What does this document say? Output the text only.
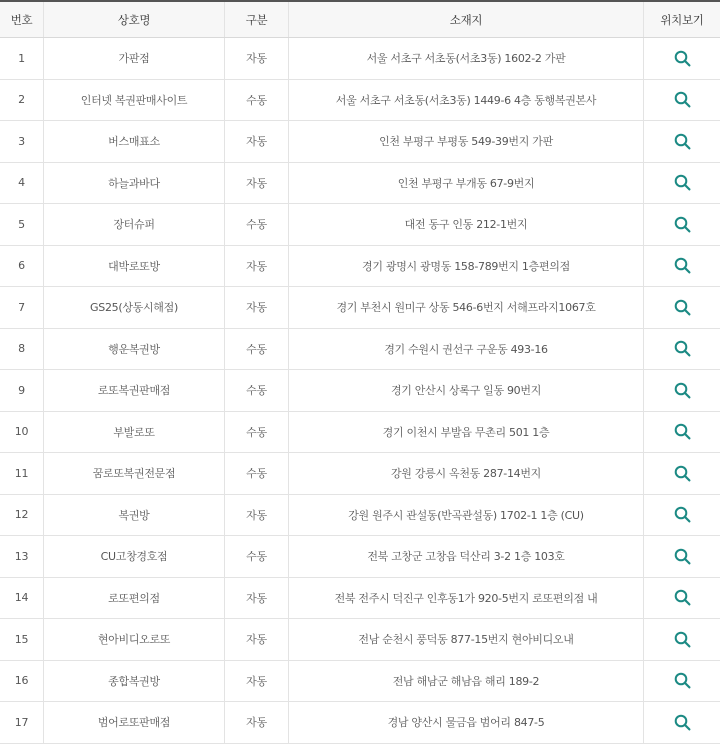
번호	상호명	구분	소재지	위치보기
1	가판점	자동	서울 서초구 서초동(서초3동) 1602-2 가판
2	인터넷 복권판매사이트	수동	서울 서초구 서초동(서초3동) 1449-6 4층 동행복권본사
3	버스매표소	자동	인천 부평구 부평동 549-39번지 가판
4	하늘과바다	자동	인천 부평구 부개동 67-9번지
5	장터슈퍼	수동	대전 동구 인동 212-1번지
6	대박로또방	자동	경기 광명시 광명동 158-789번지 1층편의점
7	GS25(상동시해점)	자동	경기 부천시 원미구 상동 546-6번지 서해프라지1067호
8	행운복권방	수동	경기 수원시 권선구 구운동 493-16
9	로또복권판매점	수동	경기 안산시 상록구 일동 90번지
10	부발로또	수동	경기 이천시 부발읍 무촌리 501 1층
11	꿈로또복권전문점	수동	강원 강릉시 옥천동 287-14번지
12	복권방	자동	강원 원주시 관설동(반곡관설동) 1702-1 1층 (CU)
13	CU고창경호점	수동	전북 고창군 고창읍 덕산리 3-2 1층 103호
14	로또편의점	자동	전북 전주시 덕진구 인후동1가 920-5번지 로또편의점 내
15	현아비디오로또	자동	전남 순천시 풍덕동 877-15번지 현아비디오내
16	종합복권방	자동	전남 해남군 해남읍 해리 189-2
17	범어로또판매점	자동	경남 양산시 물금읍 범어리 847-5
